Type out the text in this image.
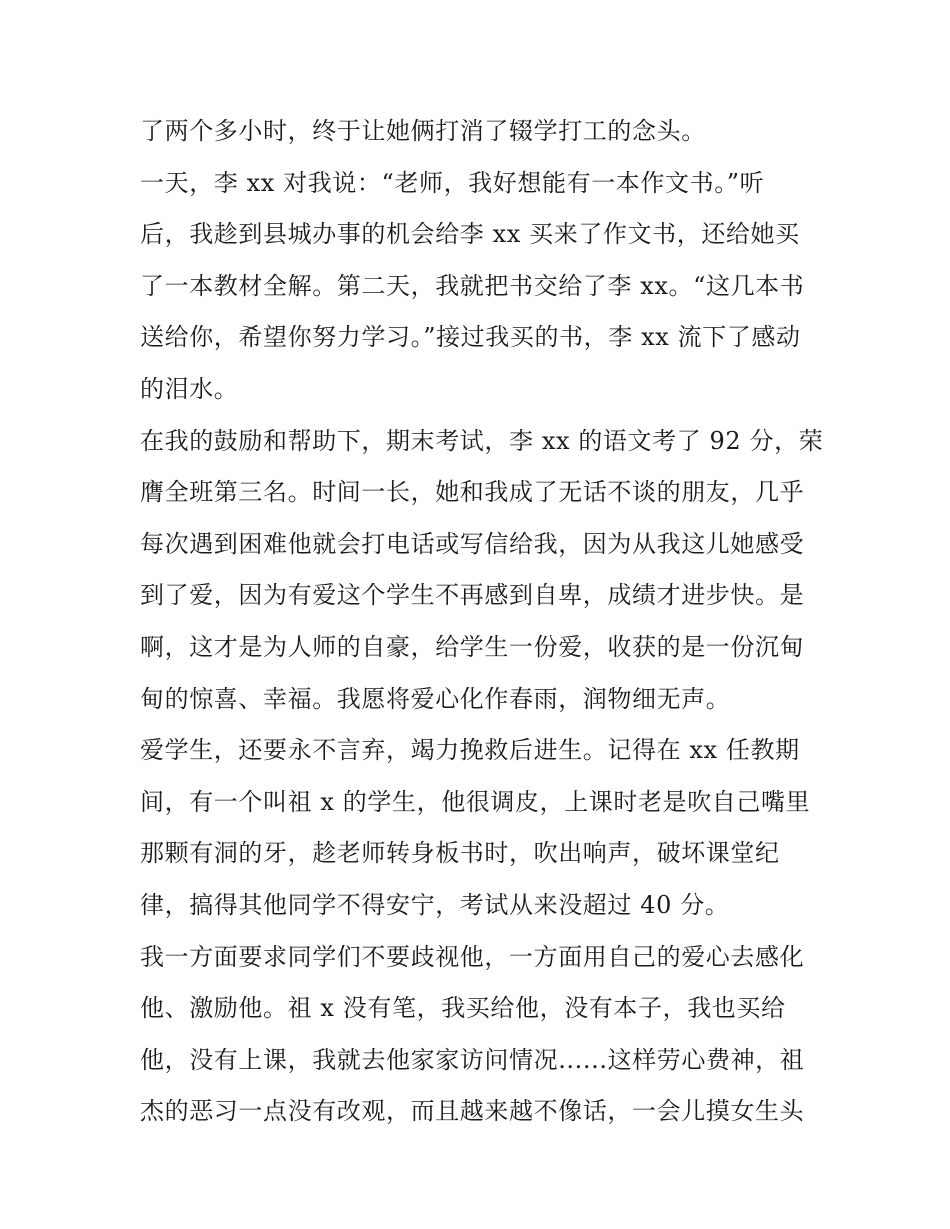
了两个多小时，终于让她俩打消了辍学打工的念头。
一天，李 xx 对我说：“老师，我好想能有一本作文书。”听
后，我趁到县城办事的机会给李 xx 买来了作文书，还给她买
了一本教材全解。第二天，我就把书交给了李 xx。“这几本书
送给你，希望你努力学习。”接过我买的书，李 xx 流下了感动
的泪水。
在我的鼓励和帮助下，期末考试，李 xx 的语文考了 92 分，荣
膺全班第三名。时间一长，她和我成了无话不谈的朋友，几乎
每次遇到困难他就会打电话或写信给我，因为从我这儿她感受
到了爱，因为有爱这个学生不再感到自卑，成绩才进步快。是
啊，这才是为人师的自豪，给学生一份爱，收获的是一份沉甸
甸的惊喜、幸福。我愿将爱心化作春雨，润物细无声。
爱学生，还要永不言弃，竭力挽救后进生。记得在 xx 任教期
间，有一个叫祖 x 的学生，他很调皮，上课时老是吹自己嘴里
那颗有洞的牙，趁老师转身板书时，吹出响声，破坏课堂纪
律，搞得其他同学不得安宁，考试从来没超过 40 分。
我一方面要求同学们不要歧视他，一方面用自己的爱心去感化
他、激励他。祖 x 没有笔，我买给他，没有本子，我也买给
他，没有上课，我就去他家家访问情况......这样劳心费神，祖
杰的恶习一点没有改观，而且越来越不像话，一会儿摸女生头
